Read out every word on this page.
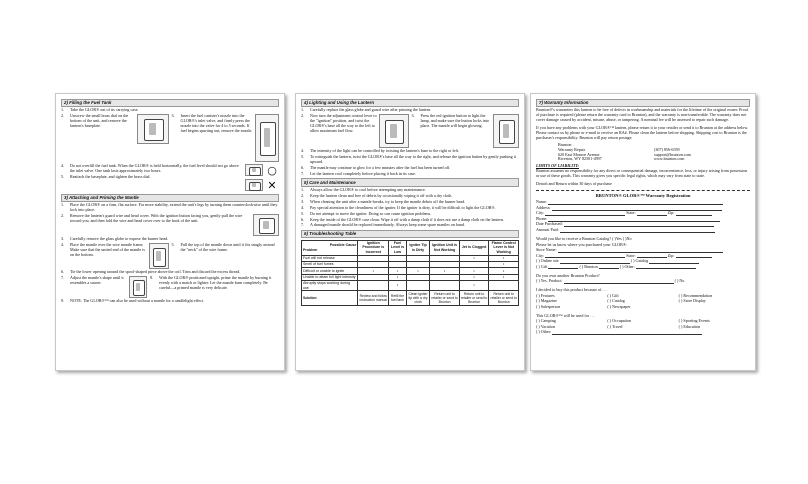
2) Filling the Fuel Tank
1.	Take the GLOR® out of its carrying case.
2.	Unscrew the small brass dial on the bottom of the unit, and remove the lantern's baseplate.
3.	Insert the fuel canister's nozzle into the GLOR®'s inlet valve, and firmly press the nozzle into the valve for 4 to 5 seconds. If fuel begins spurting out, remove the nozzle.
4.	Do not overfill the fuel tank. When the GLOR® is held horizontally, the fuel level should not go above the inlet valve. One tank lasts approximately two hours.
5.	Reattach the baseplate, and tighten the brass dial.	○
✕
3) Attaching and Priming the Mantle
1.	Place the GLOR® on a firm, flat surface. For more stability, extend the unit's legs by turning them counterclockwise until they lock into place.
2.	Remove the lantern's guard wire and head cover. With the ignition button facing you, gently pull the wire toward you, and then fold the wire and head cover over to the back of the unit.
3.	Carefully remove the glass globe to expose the burner head.
4.	Place the mantle over the wire mantle frame. Make sure that the untied end of the mantle is on the bottom.
5.	Pull the top of the mantle down until it fits snugly around the "neck" of the wire frame.
6.	Tie the lower opening around the spool-shaped piece above the coil. Trim and discard the excess thread.
7.	Adjust the mantle's shape until it resembles a saucer.
8.	With the GLOR® positioned upright, prime the mantle by burning it evenly with a match or lighter. Let the mantle burn completely. Be careful—a primed mantle is very delicate.
9.	NOTE: The GLOR®™ can also be used without a mantle for a candlelight effect.
4) Lighting and Using the Lantern
1.	Carefully replace the glass globe and guard wire after priming the lantern.
2.	Now turn the adjustment control lever to the "ignition" position, and twist the GLOR®'s base all the way to the left to allow maximum fuel flow.
3.	Press the red ignition button to light the lamp, and make sure the button locks into place. The mantle will begin glowing.
4.	The intensity of the light can be controlled by twisting the lantern's base to the right or left.
5.	To extinguish the lantern, twist the GLOR®'s base all the way to the right, and release the ignition button by gently pushing it upward.
6.	The mantle may continue to glow for a few minutes after the fuel has been turned off.
7.	Let the lantern cool completely before placing it back in its case.
5) Care and Maintenance
1.	Always allow the GLOR® to cool before attempting any maintenance.
2.	Keep the lantern clean and free of debris by occasionally wiping it off with a dry cloth.
3.	When cleaning the unit after a mantle breaks, try to keep the mantle debris off the burner head.
4.	Pay special attention to the cleanliness of the igniter. If the igniter is dirty, it will be difficult to light the GLOR®.
5.	Do not attempt to move the igniter. Doing so can cause ignition problems.
6.	Keep the inside of the GLOR® case clean. Wipe it off with a damp cloth if it does not use a damp cloth on the lantern.
7.	A damaged mantle should be replaced immediately. Always keep some spare mantles on hand.
6) Troubleshooting Table
Possible Cause
Problem	Ignition Procedure is Incorrect	Fuel Level is Low	Igniter Tip is Dirty	Ignition Unit is Not Working	Jet is Clogged	Flame Control Lever is Not Working
Fuel will not release					•	•
Smell of fuel fumes						•
Difficult or unable to ignite	•	•	•	•	•	•
Unable to attain full light intensity		•			•	•
Abruptly stops working during use		•			•	
Solution	Review and follow instruction manual	Refill the fuel tank	Clean igniter tip with a dry cloth	Return unit to retailer or send to Brunton	Return unit to retailer or send to Brunton	Return unit to retailer or send to Brunton
7) Warranty Information

Brunton®'s warranties this lantern to be free of defects in workmanship and materials for the lifetime of the original owner. Proof of purchase is required (please return the warranty card to Brunton), and the warranty is non-transferable. The warranty does not cover damage caused by accident, misuse, abuse, or tampering. A nominal fee will be assessed to repair such damage.

If you have any problems with your GLOR®™ lantern, please return it to your retailer or send it to Brunton at the address below. Please contact us by phone or e-mail to receive an RA#. Please clean the lantern before shipping. Shipping cost to Brunton is the purchaser's responsibility. Brunton will pay return postage.

Brunton
Warranty Repair
620 East Monroe Avenue
Riverton, WY 82501-4997

(307) 856-6559
support@brunton.com
www.brunton.com
LIMITS OF LIABILITY:

Brunton assumes no responsibility for any direct or consequential damage, inconvenience, loss, or injury arising from possession or use of these goods. This warranty gives you specific legal rights, which may vary from state to state.

Detach and Return within 30 days of purchase
BRUNTON® GLOR®™ Warranty Registration
Name:
Address:
City:	State:	Zip:
Phone:
Date Purchased:
Amount Paid:
Would you like to receive a Brunton Catalog? ( )Yes ( )No
Please let us know where you purchased your GLOR®:
Store Name:
City:	State:	Zip:
( ) Online site	( ) Catalog
( ) Gift	( ) Brunton	( ) Other:
Do you own another Brunton Product?
( ) Yes. Product:	( ) No.
I decided to buy this product because of . . .
( ) Features	( ) Gift	( ) Recommendation
( ) Magazine	( ) Catalog	( ) Store Display
( ) Salesperson	( ) Newspaper
This GLOR®™ will be used for . . .
( ) Camping	( ) Occupation	( ) Sporting Events
( ) Vacation	( ) Travel	( ) Education
( ) Other:
